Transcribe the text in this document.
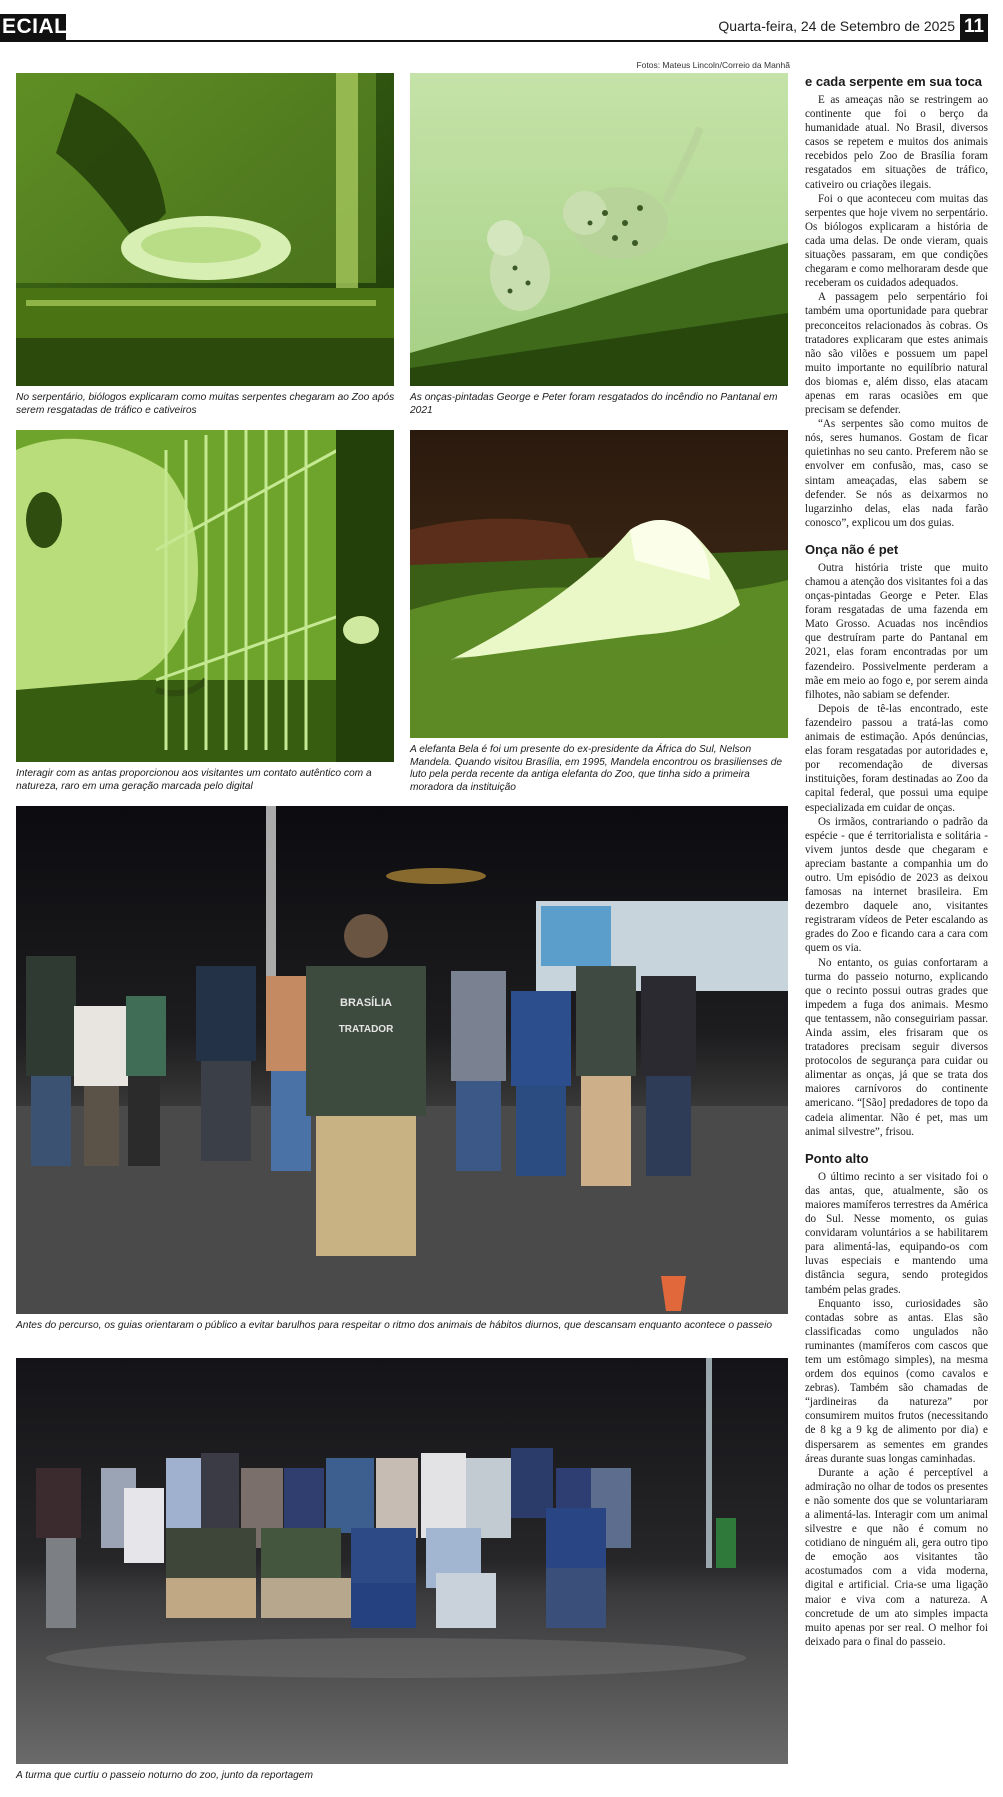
ECIAL	Quarta-feira, 24 de Setembro de 2025 11
Fotos: Mateus Lincoln/Correio da Manhã
No serpentário, biólogos explicaram como muitas serpentes chegaram ao Zoo após serem resgatadas de tráfico e cativeiros
As onças-pintadas George e Peter foram resgatados do incêndio no Pantanal em 2021
Interagir com as antas proporcionou aos visitantes um contato autêntico com a natureza, raro em uma geração marcada pelo digital
A elefanta Bela é foi um presente do ex-presidente da África do Sul, Nelson Mandela. Quando visitou Brasília, em 1995, Mandela encontrou os brasilienses de luto pela perda recente da antiga elefanta do Zoo, que tinha sido a primeira moradora da instituição
BRASÍLIA
TRATADOR
Antes do percurso, os guias orientaram o público a evitar barulhos para respeitar o ritmo dos animais de hábitos diurnos, que descansam enquanto acontece o passeio
A turma que curtiu o passeio noturno do zoo, junto da reportagem
e cada serpente em sua toca

E as ameaças não se restringem ao continente que foi o berço da humanidade atual. No Brasil, diversos casos se repetem e muitos dos animais recebidos pelo Zoo de Brasília foram resgatados em situações de tráfico, cativeiro ou criações ilegais.

Foi o que aconteceu com muitas das serpentes que hoje vivem no serpentário. Os biólogos explicaram a história de cada uma delas. De onde vieram, quais situações passaram, em que condições chegaram e como melhoraram desde que receberam os cuidados adequados.

A passagem pelo serpentário foi também uma oportunidade para quebrar preconceitos relacionados às cobras. Os tratadores explicaram que estes animais não são vilões e possuem um papel muito importante no equilíbrio natural dos biomas e, além disso, elas atacam apenas em raras ocasiões em que precisam se defender.

“As serpentes são como muitos de nós, seres humanos. Gostam de ficar quietinhas no seu canto. Preferem não se envolver em confusão, mas, caso se sintam ameaçadas, elas sabem se defender. Se nós as deixarmos no lugarzinho delas, elas nada farão conosco”, explicou um dos guias.

Onça não é pet

Outra história triste que muito chamou a atenção dos visitantes foi a das onças-pintadas George e Peter. Elas foram resgatadas de uma fazenda em Mato Grosso. Acuadas nos incêndios que destruíram parte do Pantanal em 2021, elas foram encontradas por um fazendeiro. Possivelmente perderam a mãe em meio ao fogo e, por serem ainda filhotes, não sabiam se defender.

Depois de tê-las encontrado, este fazendeiro passou a tratá-las como animais de estimação. Após denúncias, elas foram resgatadas por autoridades e, por recomendação de diversas instituições, foram destinadas ao Zoo da capital federal, que possui uma equipe especializada em cuidar de onças.

Os irmãos, contrariando o padrão da espécie - que é territorialista e solitária - vivem juntos desde que chegaram e apreciam bastante a companhia um do outro. Um episódio de 2023 as deixou famosas na internet brasileira. Em dezembro daquele ano, visitantes registraram vídeos de Peter escalando as grades do Zoo e ficando cara a cara com quem os via.

No entanto, os guias confortaram a turma do passeio noturno, explicando que o recinto possui outras grades que impedem a fuga dos animais. Mesmo que tentassem, não conseguiriam passar. Ainda assim, eles frisaram que os tratadores precisam seguir diversos protocolos de segurança para cuidar ou alimentar as onças, já que se trata dos maiores carnívoros do continente americano. “[São] predadores de topo da cadeia alimentar. Não é pet, mas um animal silvestre”, frisou.

Ponto alto

O último recinto a ser visitado foi o das antas, que, atualmente, são os maiores mamíferos terrestres da América do Sul. Nesse momento, os guias convidaram voluntários a se habilitarem para alimentá-las, equipando-os com luvas especiais e mantendo uma distância segura, sendo protegidos também pelas grades.

Enquanto isso, curiosidades são contadas sobre as antas. Elas são classificadas como ungulados não ruminantes (mamíferos com cascos que tem um estômago simples), na mesma ordem dos equinos (como cavalos e zebras). Também são chamadas de “jardineiras da natureza” por consumirem muitos frutos (necessitando de 8 kg a 9 kg de alimento por dia) e dispersarem as sementes em grandes áreas durante suas longas caminhadas.

Durante a ação é perceptível a admiração no olhar de todos os presentes e não somente dos que se voluntariaram a alimentá-las. Interagir com um animal silvestre e que não é comum no cotidiano de ninguém ali, gera outro tipo de emoção aos visitantes tão acostumados com a vida moderna, digital e artificial. Cria-se uma ligação maior e viva com a natureza. A concretude de um ato simples impacta muito apenas por ser real. O melhor foi deixado para o final do passeio.
